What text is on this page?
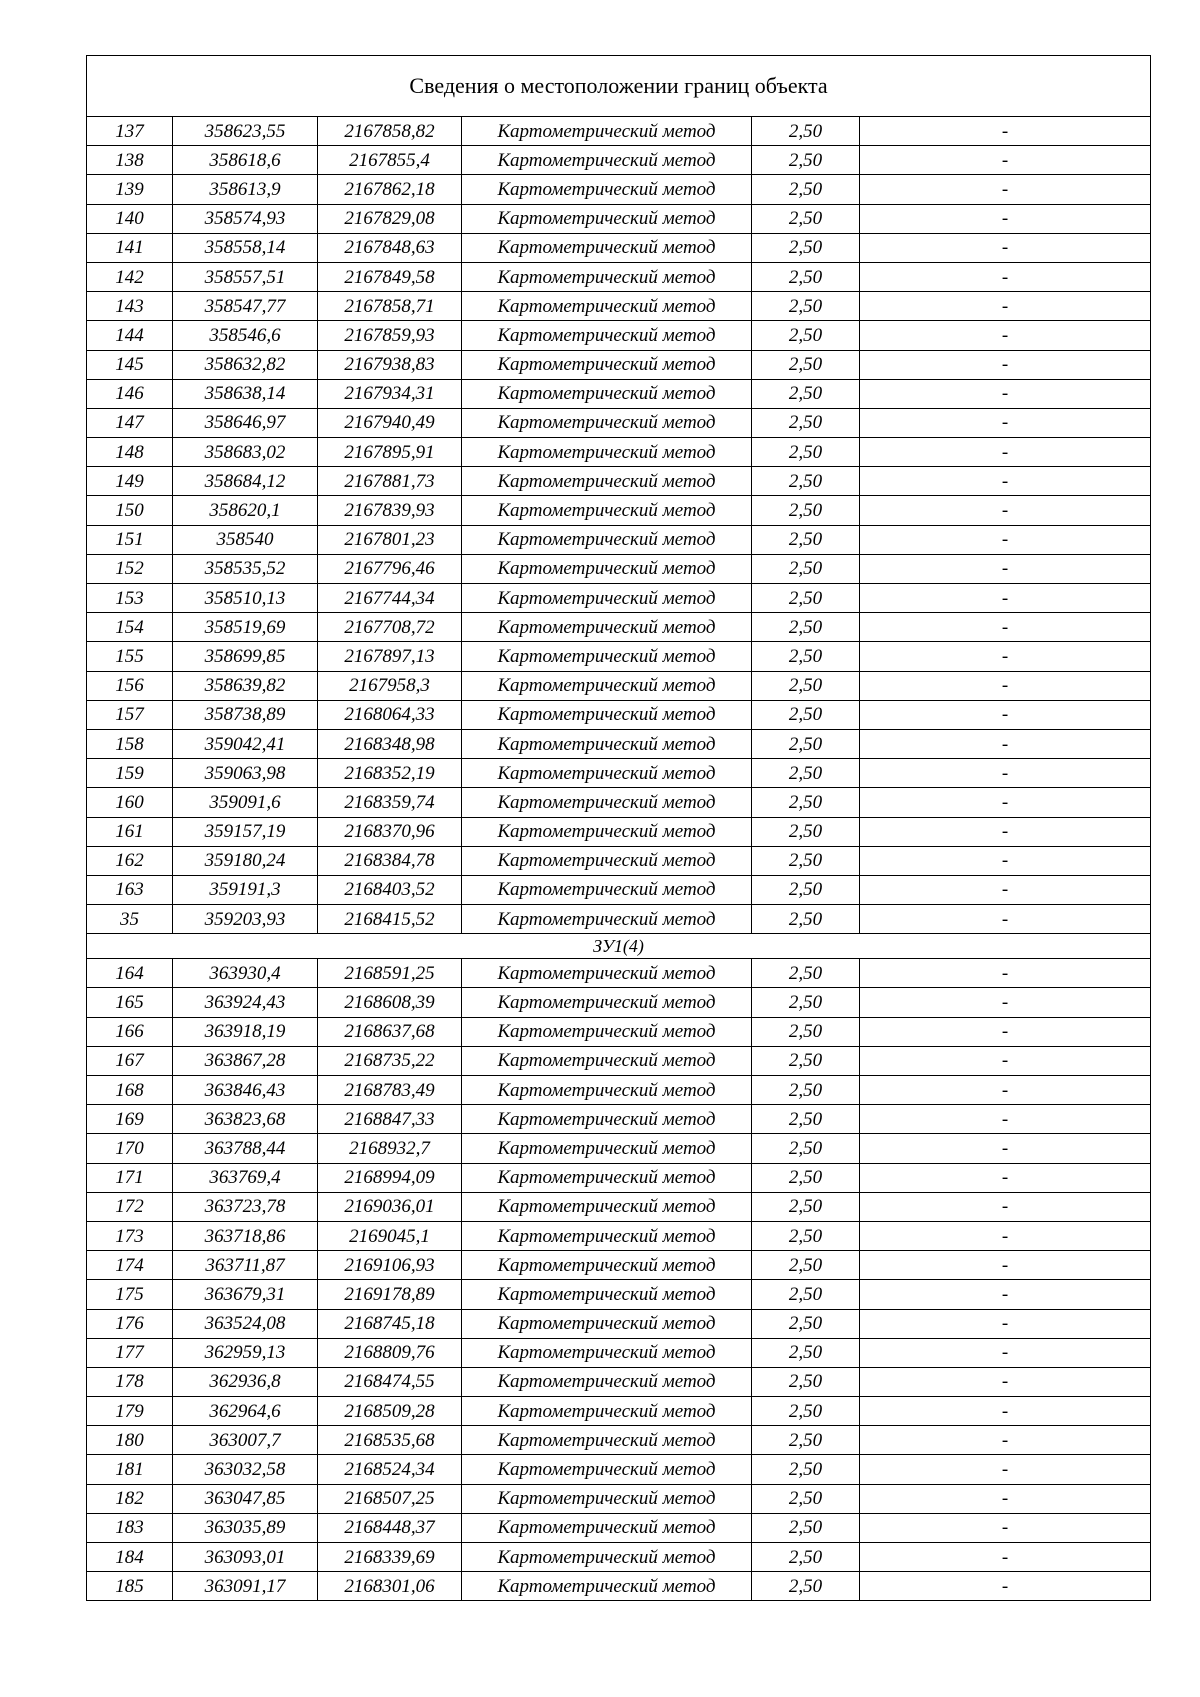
Сведения о местоположении границ объекта					
137	358623,55	2167858,82	Картометрический метод	2,50	-
138	358618,6	2167855,4	Картометрический метод	2,50	-
139	358613,9	2167862,18	Картометрический метод	2,50	-
140	358574,93	2167829,08	Картометрический метод	2,50	-
141	358558,14	2167848,63	Картометрический метод	2,50	-
142	358557,51	2167849,58	Картометрический метод	2,50	-
143	358547,77	2167858,71	Картометрический метод	2,50	-
144	358546,6	2167859,93	Картометрический метод	2,50	-
145	358632,82	2167938,83	Картометрический метод	2,50	-
146	358638,14	2167934,31	Картометрический метод	2,50	-
147	358646,97	2167940,49	Картометрический метод	2,50	-
148	358683,02	2167895,91	Картометрический метод	2,50	-
149	358684,12	2167881,73	Картометрический метод	2,50	-
150	358620,1	2167839,93	Картометрический метод	2,50	-
151	358540	2167801,23	Картометрический метод	2,50	-
152	358535,52	2167796,46	Картометрический метод	2,50	-
153	358510,13	2167744,34	Картометрический метод	2,50	-
154	358519,69	2167708,72	Картометрический метод	2,50	-
155	358699,85	2167897,13	Картометрический метод	2,50	-
156	358639,82	2167958,3	Картометрический метод	2,50	-
157	358738,89	2168064,33	Картометрический метод	2,50	-
158	359042,41	2168348,98	Картометрический метод	2,50	-
159	359063,98	2168352,19	Картометрический метод	2,50	-
160	359091,6	2168359,74	Картометрический метод	2,50	-
161	359157,19	2168370,96	Картометрический метод	2,50	-
162	359180,24	2168384,78	Картометрический метод	2,50	-
163	359191,3	2168403,52	Картометрический метод	2,50	-
35	359203,93	2168415,52	Картометрический метод	2,50	-
ЗУ1(4)					
164	363930,4	2168591,25	Картометрический метод	2,50	-
165	363924,43	2168608,39	Картометрический метод	2,50	-
166	363918,19	2168637,68	Картометрический метод	2,50	-
167	363867,28	2168735,22	Картометрический метод	2,50	-
168	363846,43	2168783,49	Картометрический метод	2,50	-
169	363823,68	2168847,33	Картометрический метод	2,50	-
170	363788,44	2168932,7	Картометрический метод	2,50	-
171	363769,4	2168994,09	Картометрический метод	2,50	-
172	363723,78	2169036,01	Картометрический метод	2,50	-
173	363718,86	2169045,1	Картометрический метод	2,50	-
174	363711,87	2169106,93	Картометрический метод	2,50	-
175	363679,31	2169178,89	Картометрический метод	2,50	-
176	363524,08	2168745,18	Картометрический метод	2,50	-
177	362959,13	2168809,76	Картометрический метод	2,50	-
178	362936,8	2168474,55	Картометрический метод	2,50	-
179	362964,6	2168509,28	Картометрический метод	2,50	-
180	363007,7	2168535,68	Картометрический метод	2,50	-
181	363032,58	2168524,34	Картометрический метод	2,50	-
182	363047,85	2168507,25	Картометрический метод	2,50	-
183	363035,89	2168448,37	Картометрический метод	2,50	-
184	363093,01	2168339,69	Картометрический метод	2,50	-
185	363091,17	2168301,06	Картометрический метод	2,50	-
